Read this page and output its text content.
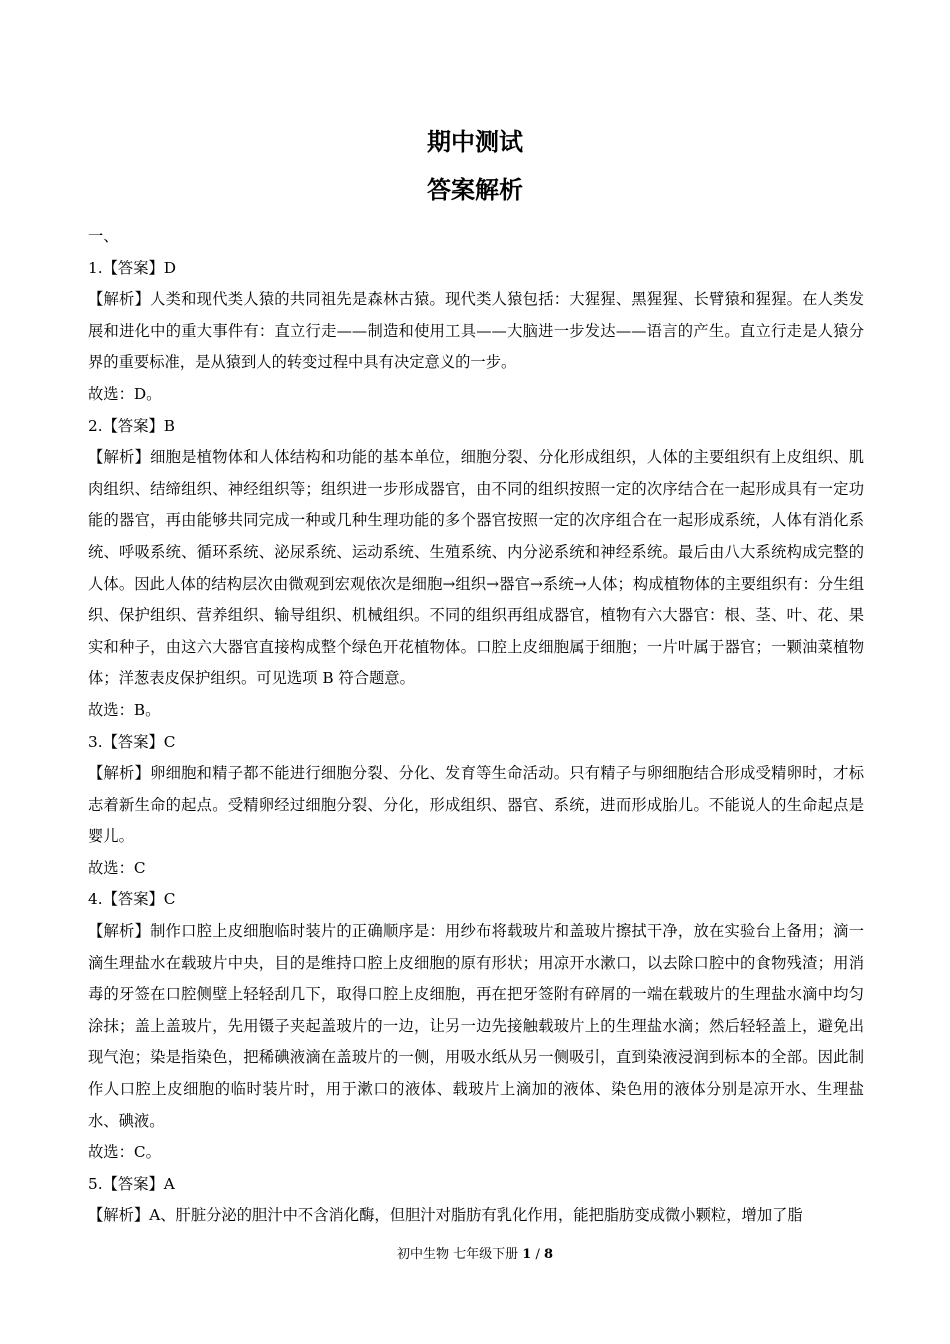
期中测试
答案解析
一、
1.【答案】D
【解析】人类和现代类人猿的共同祖先是森林古猿。现代类人猿包括：大猩猩、黑猩猩、长臂猿和猩猩。在人类发展和进化中的重大事件有：直立行走——制造和使用工具——大脑进一步发达——语言的产生。直立行走是人猿分界的重要标准，是从猿到人的转变过程中具有决定意义的一步。
故选：D。
2.【答案】B
【解析】细胞是植物体和人体结构和功能的基本单位，细胞分裂、分化形成组织，人体的主要组织有上皮组织、肌肉组织、结缔组织、神经组织等；组织进一步形成器官，由不同的组织按照一定的次序结合在一起形成具有一定功能的器官，再由能够共同完成一种或几种生理功能的多个器官按照一定的次序组合在一起形成系统，人体有消化系统、呼吸系统、循环系统、泌尿系统、运动系统、生殖系统、内分泌系统和神经系统。最后由八大系统构成完整的人体。因此人体的结构层次由微观到宏观依次是细胞→组织→器官→系统→人体；构成植物体的主要组织有：分生组织、保护组织、营养组织、输导组织、机械组织。不同的组织再组成器官，植物有六大器官：根、茎、叶、花、果实和种子，由这六大器官直接构成整个绿色开花植物体。口腔上皮细胞属于细胞；一片叶属于器官；一颗油菜植物体；洋葱表皮保护组织。可见选项 B 符合题意。
故选：B。
3.【答案】C
【解析】卵细胞和精子都不能进行细胞分裂、分化、发育等生命活动。只有精子与卵细胞结合形成受精卵时，才标志着新生命的起点。受精卵经过细胞分裂、分化，形成组织、器官、系统，进而形成胎儿。不能说人的生命起点是婴儿。
故选：C
4.【答案】C
【解析】制作口腔上皮细胞临时装片的正确顺序是：用纱布将载玻片和盖玻片擦拭干净，放在实验台上备用；滴一滴生理盐水在载玻片中央，目的是维持口腔上皮细胞的原有形状；用凉开水漱口，以去除口腔中的食物残渣；用消毒的牙签在口腔侧壁上轻轻刮几下，取得口腔上皮细胞，再在把牙签附有碎屑的一端在载玻片的生理盐水滴中均匀涂抹；盖上盖玻片，先用镊子夹起盖玻片的一边，让另一边先接触载玻片上的生理盐水滴；然后轻轻盖上，避免出现气泡；染是指染色，把稀碘液滴在盖玻片的一侧，用吸水纸从另一侧吸引，直到染液浸润到标本的全部。因此制作人口腔上皮细胞的临时装片时，用于漱口的液体、载玻片上滴加的液体、染色用的液体分别是凉开水、生理盐水、碘液。
故选：C。
5.【答案】A
【解析】A、肝脏分泌的胆汁中不含消化酶，但胆汁对脂肪有乳化作用，能把脂肪变成微小颗粒，增加了脂
初中生物 七年级下册 1 / 8
